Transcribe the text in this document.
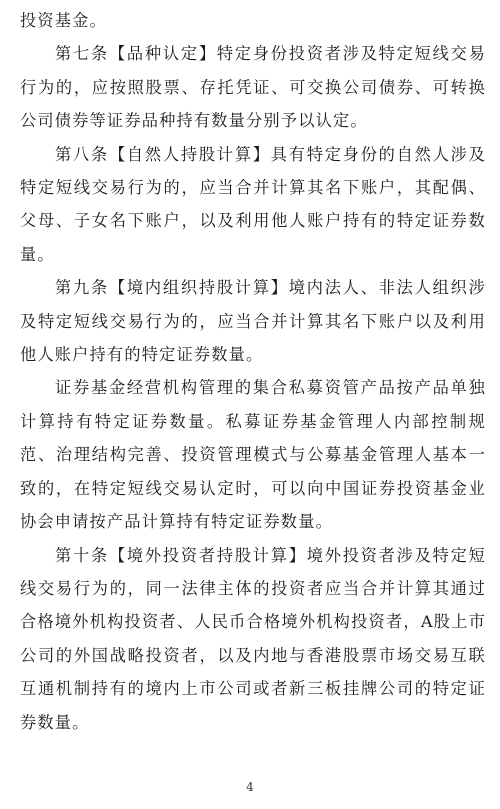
投资基金。

第七条【品种认定】特定身份投资者涉及特定短线交易行为的，应按照股票、存托凭证、可交换公司债券、可转换公司债券等证券品种持有数量分别予以认定。

第八条【自然人持股计算】具有特定身份的自然人涉及特定短线交易行为的，应当合并计算其名下账户，其配偶、父母、子女名下账户，以及利用他人账户持有的特定证券数量。

第九条【境内组织持股计算】境内法人、非法人组织涉及特定短线交易行为的，应当合并计算其名下账户以及利用他人账户持有的特定证券数量。

证券基金经营机构管理的集合私募资管产品按产品单独计算持有特定证券数量。私募证券基金管理人内部控制规范、治理结构完善、投资管理模式与公募基金管理人基本一致的，在特定短线交易认定时，可以向中国证券投资基金业协会申请按产品计算持有特定证券数量。

第十条【境外投资者持股计算】境外投资者涉及特定短线交易行为的，同一法律主体的投资者应当合并计算其通过合格境外机构投资者、人民币合格境外机构投资者，A股上市公司的外国战略投资者，以及内地与香港股票市场交易互联互通机制持有的境内上市公司或者新三板挂牌公司的特定证券数量。

4
